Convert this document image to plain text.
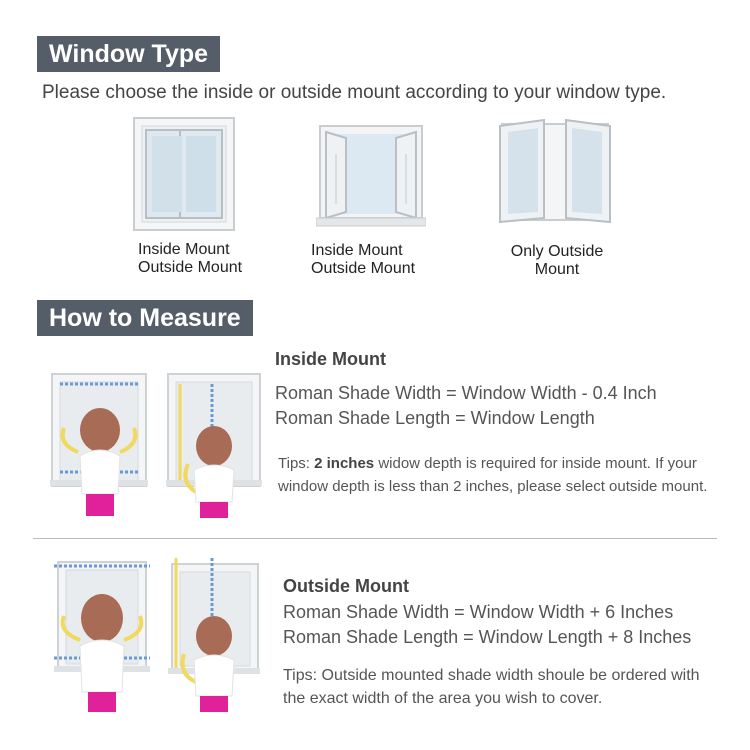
Window Type
Please choose the inside or outside mount according to your window type.
Inside Mount
Outside Mount
Inside Mount
Outside Mount
Only Outside
Mount
How to Measure
Inside Mount
Roman Shade Width = Window Width - 0.4 Inch
Roman Shade Length = Window Length
Tips: 2 inches widow depth is required for inside mount. If your window depth is less than 2 inches, please select outside mount.
Outside Mount
Roman Shade Width = Window Width + 6 Inches
Roman Shade Length = Window Length + 8 Inches
Tips: Outside mounted shade width shoule be ordered with the exact width of the area you wish to cover.
